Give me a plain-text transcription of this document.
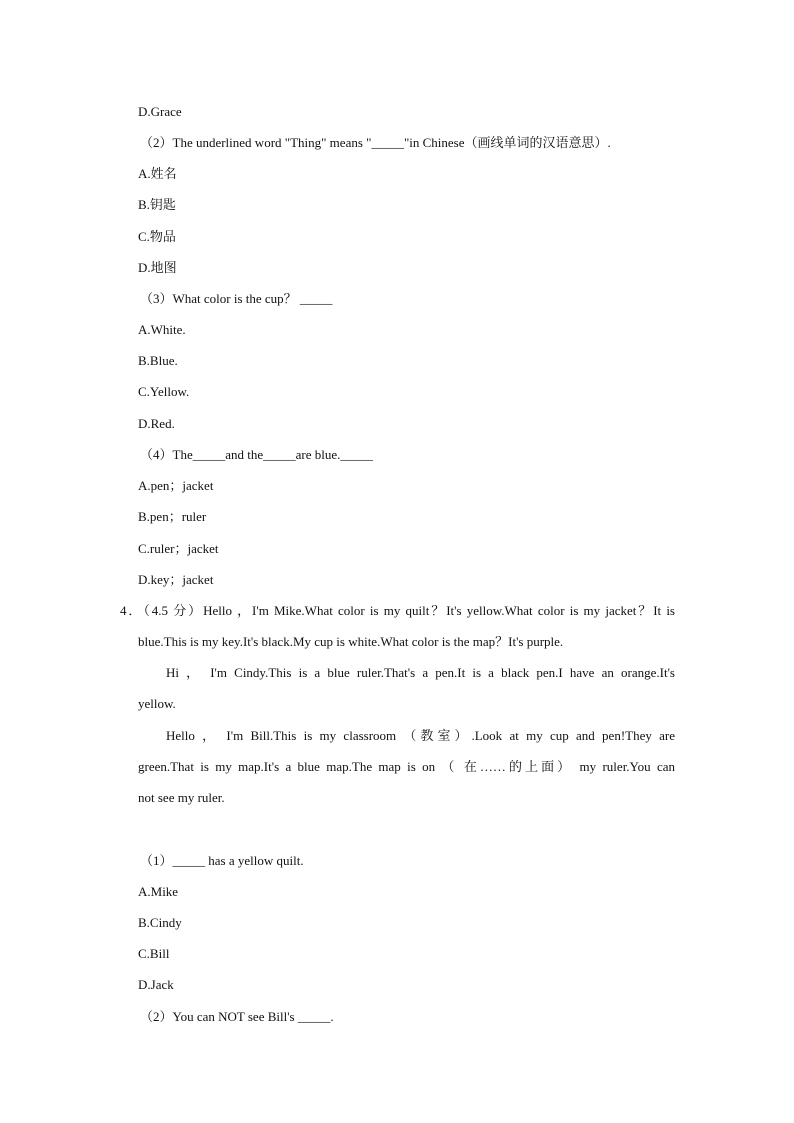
D.Grace
（2）The underlined word "Thing" means "_____"in Chinese（画线单词的汉语意思）.
A.姓名
B.钥匙
C.物品
D.地图
（3）What color is the cup？ _____
A.White.
B.Blue.
C.Yellow.
D.Red.
（4）The_____and the_____are blue._____
A.pen；jacket
B.pen；ruler
C.ruler；jacket
D.key；jacket
4．（4.5 分）Hello ，I'm Mike.What color is my quilt？It's yellow.What color is my jacket？It is
blue.This is my key.It's black.My cup is white.What color is the map？It's purple.
Hi ， I'm Cindy.This is a blue ruler.That's a pen.It is a black pen.I have an orange.It's
yellow.
Hello ， I'm Bill.This is my classroom （教室）.Look at my cup and pen!They are
green.That is my map.It's a blue map.The map is on （ 在……的上面） my ruler.You can
not see my ruler.
（1）_____ has a yellow quilt.
A.Mike
B.Cindy
C.Bill
D.Jack
（2）You can NOT see Bill's _____.
